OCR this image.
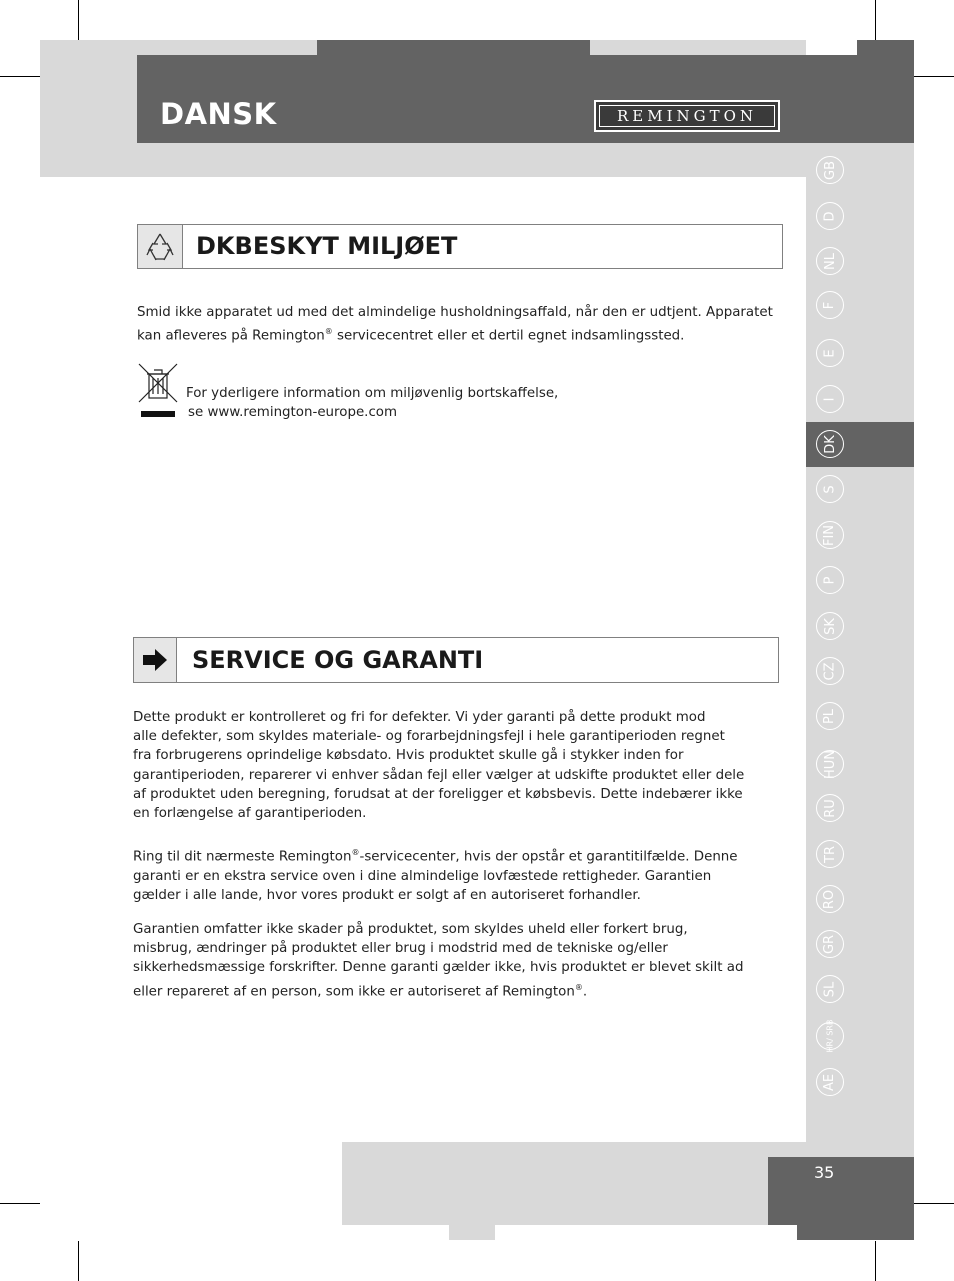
DANSK	REMINGTON
GB
D
NL
F
E
I
DK
S
FIN
P
SK
CZ
PL
HUN
RU
TR
RO
GR
SL
HR/ SRB
AE
35
DKBESKYT MILJØET
Smid ikke apparatet ud med det almindelige husholdningsaffald, når den er udtjent. Apparatet
kan afleveres på Remington® servicecentret eller et dertil egnet indsamlingssted.
For yderligere information om miljøvenlig bortskaffelse,
se www.remington-europe.com
SERVICE OG GARANTI
Dette produkt er kontrolleret og fri for defekter. Vi yder garanti på dette produkt mod
alle defekter, som skyldes materiale- og forarbejdningsfejl i hele garantiperioden regnet
fra forbrugerens oprindelige købsdato. Hvis produktet skulle gå i stykker inden for
garantiperioden, reparerer vi enhver sådan fejl eller vælger at udskifte produktet eller dele
af produktet uden beregning, forudsat at der foreligger et købsbevis. Dette indebærer ikke
en forlængelse af garantiperioden.
Ring til dit nærmeste Remington®-servicecenter, hvis der opstår et garantitilfælde. Denne
garanti er en ekstra service oven i dine almindelige lovfæstede rettigheder. Garantien
gælder i alle lande, hvor vores produkt er solgt af en autoriseret forhandler.
Garantien omfatter ikke skader på produktet, som skyldes uheld eller forkert brug,
misbrug, ændringer på produktet eller brug i modstrid med de tekniske og/eller
sikkerhedsmæssige forskrifter. Denne garanti gælder ikke, hvis produktet er blevet skilt ad
eller repareret af en person, som ikke er autoriseret af Remington®.
